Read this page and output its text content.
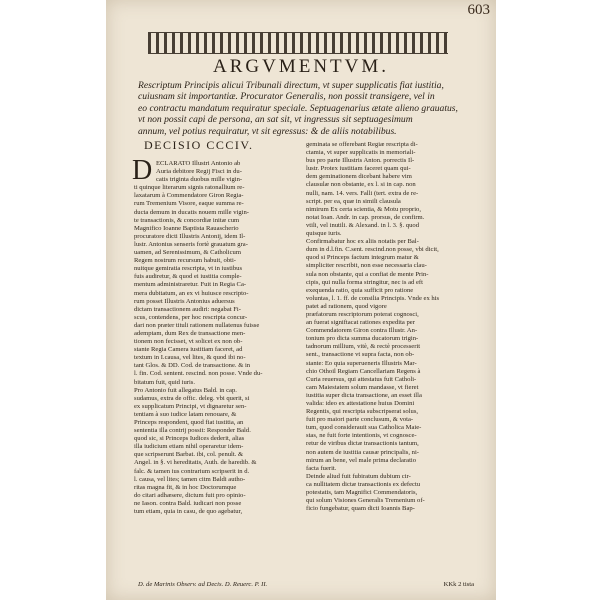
603
ARGVMENTVM.
Rescriptum Principis alicui Tribunali directum, vt super supplicatis fiat iustitia,
cuiusnam sit importantiæ. Procurator Generalis, non possit transigere, vel in
eo contractu mandatum requiratur speciale. Septuagenarius ætate alieno grauatus,
vt non possit capi de persona, an sat sit, vt ingressus sit septuagesimum
annum, vel potius requiratur, vt sit egressus: & de aliis notabilibus.
DECISIO CCCIV.
D ECLARATO Illustri Antonio ab
Auria debitore Regij Fisci in du-
catis triginta duobus mille vigin-
ti quinque literarum signis ratonallium re-
laxatarum à Commendatore Giron Regia-
rum Tremenium Visore, eaque summa re-
ducta demum in ducatis nouem mille vigin-
te transactionis, & concordiæ initæ cum
Magnifico Ioanne Baptista Rauascherio
procuratore dicti Illustris Antonij, idem Il-
lustr. Antonius senseris fortè grauatum gra-
uamen, ad Serenissimum, & Catholicum
Regem nostrum recursum habuit, obti-
nuitque gemiratia rescripta, vt in iustibus
fuis audiretur, & quod ei iustitia comple-
mentum administraretur. Fuit in Regia Ca-
mera dubitatum, an ex vi huiusce rescripto-
rum posset Illustris Antonius aduersus
dictam transactionem audiri: negabat Fi-
scus, contendens, per hoc rescripta concur-
dari non præter tituli rationem nullatenus fuisse
ademptam, dum Rex de transactione men-
tionem non fecisset, vt solicet ex non ob-
stante Regia Camera iustitiam faceret, ad
textum in I.causa, vel lites, & quod ibi no-
tant Glos. & DD. Cod. de transactione. & in
l. fin. Cod. sentent. rescind. non posse. Vnde du-
bitatum fuit, quid iuris.
Pro Antonio fuit allegatus Bald. in cap.
sudamus, extra de offic. deleg. vbi querit, si
ex supplicatum Principi, vt dignaretur sen-
tentiam à suo iudice latam renouare, &
Princeps respondent, quod fiat iustitia, an
sententia illa contrij possit: Responder Bald.
quod sic, si Princeps Iudices dederit, alias
illa iudicium etiam nihil operaretur idem-
que scripserunt Barbat. ibi, col. penult. &
Angel. in §. vi hereditatis, Auth. de haredib. &
falc. & tamen ius contrarium scripserit in d.
l. causa, vel lites; tamen citm Baldi autho-
ritas magna fit, & in hoc Doctorumque
do citari adhæsere, dictum fuit pro opinio-
ne Iason. contra Bald. iudicari non posse
tum etiam, quia in casu, de quo agebatur,
geminata se offerebant Regiæ rescripta di-
ctamia, vt super supplicatis in memoriali-
bus pro parte Illustris Anton. porrectis Il-
lustr. Protex iustitiam faceret quam qui-
dem geminationem dicebant habere vim
clausulæ non obstante, ex l. si in cap. non
nulli, nam. 14. vers. Falli (tert. extra de re-
script. per ea, quæ in simili clausula
nimirum Ex certa scientia, & Motu proprio,
notat Ioan. Andr. in cap. prorsus, de confirm.
vtili, vel inutili. & Alexand. in l. 3. §. quod
quisque iuris.
Confirmabatur hoc ex aliis notatis per Bal-
dum in d.l.fin. C.sent. rescind.non posse, vbi dicit,
quod si Princeps factum integrum matur &
simpliciter rescribit, non esse necessaria clau-
sula non obstante, qui a confiat de mente Prin-
cipis, qui nulla forma stringitur, nec is ad eft
exequenda ratio, quia sufficit pro ratione
voluntas, l. 1. ff. de consilia Principis. Vnde ex his
patet ad rationem, quod vigore
præfatorum rescriptorum poterat cognosci,
an fuerat signiftacat rationes expedita per
Commendatorem Giron contra Illustr. An-
tonium pro dicta summa ducatorum trigin-
tadnorum millium, vitè, & rectè processerit
sent., transactione vt supra facta, non ob-
stante: Eo quia superueneris Illustris Mar-
chio Othoil Regiam Cancellariam Regens à
Curia reuersus, qui attestatus fuit Catholi-
cam Maiestatem solum mandasse, vt fieret
iustitia super dicta transactione, an esset illa
valida: ideo ex attestatione huius Domini
Regentis, qui rescripta subscripserat solus,
fuit pro maiori parte conclusum, & vota-
tum, quod considerauit sua Catholica Maie-
stas, ne fuit forte intentionis, vt cognosce-
retur de viribus dictæ transactionis tantum,
non autem de iustitia causæ principalis, ni-
mirum an bene, vel male prima declaratio
facta fuerit.
Deinde aliud fuit fubiratum dubium cir-
ca nullitatem dictæ transactionis ex defectu
potestatis, tam Magnifici Commendatoris,
qui solum Visiones Generalis Tremenium of-
ficio fungebatur, quam dicti Ioannis Bap-
D. de Marinis Observ. ad Decis. D. Reuerc. P. II.	KKk 2 tista
